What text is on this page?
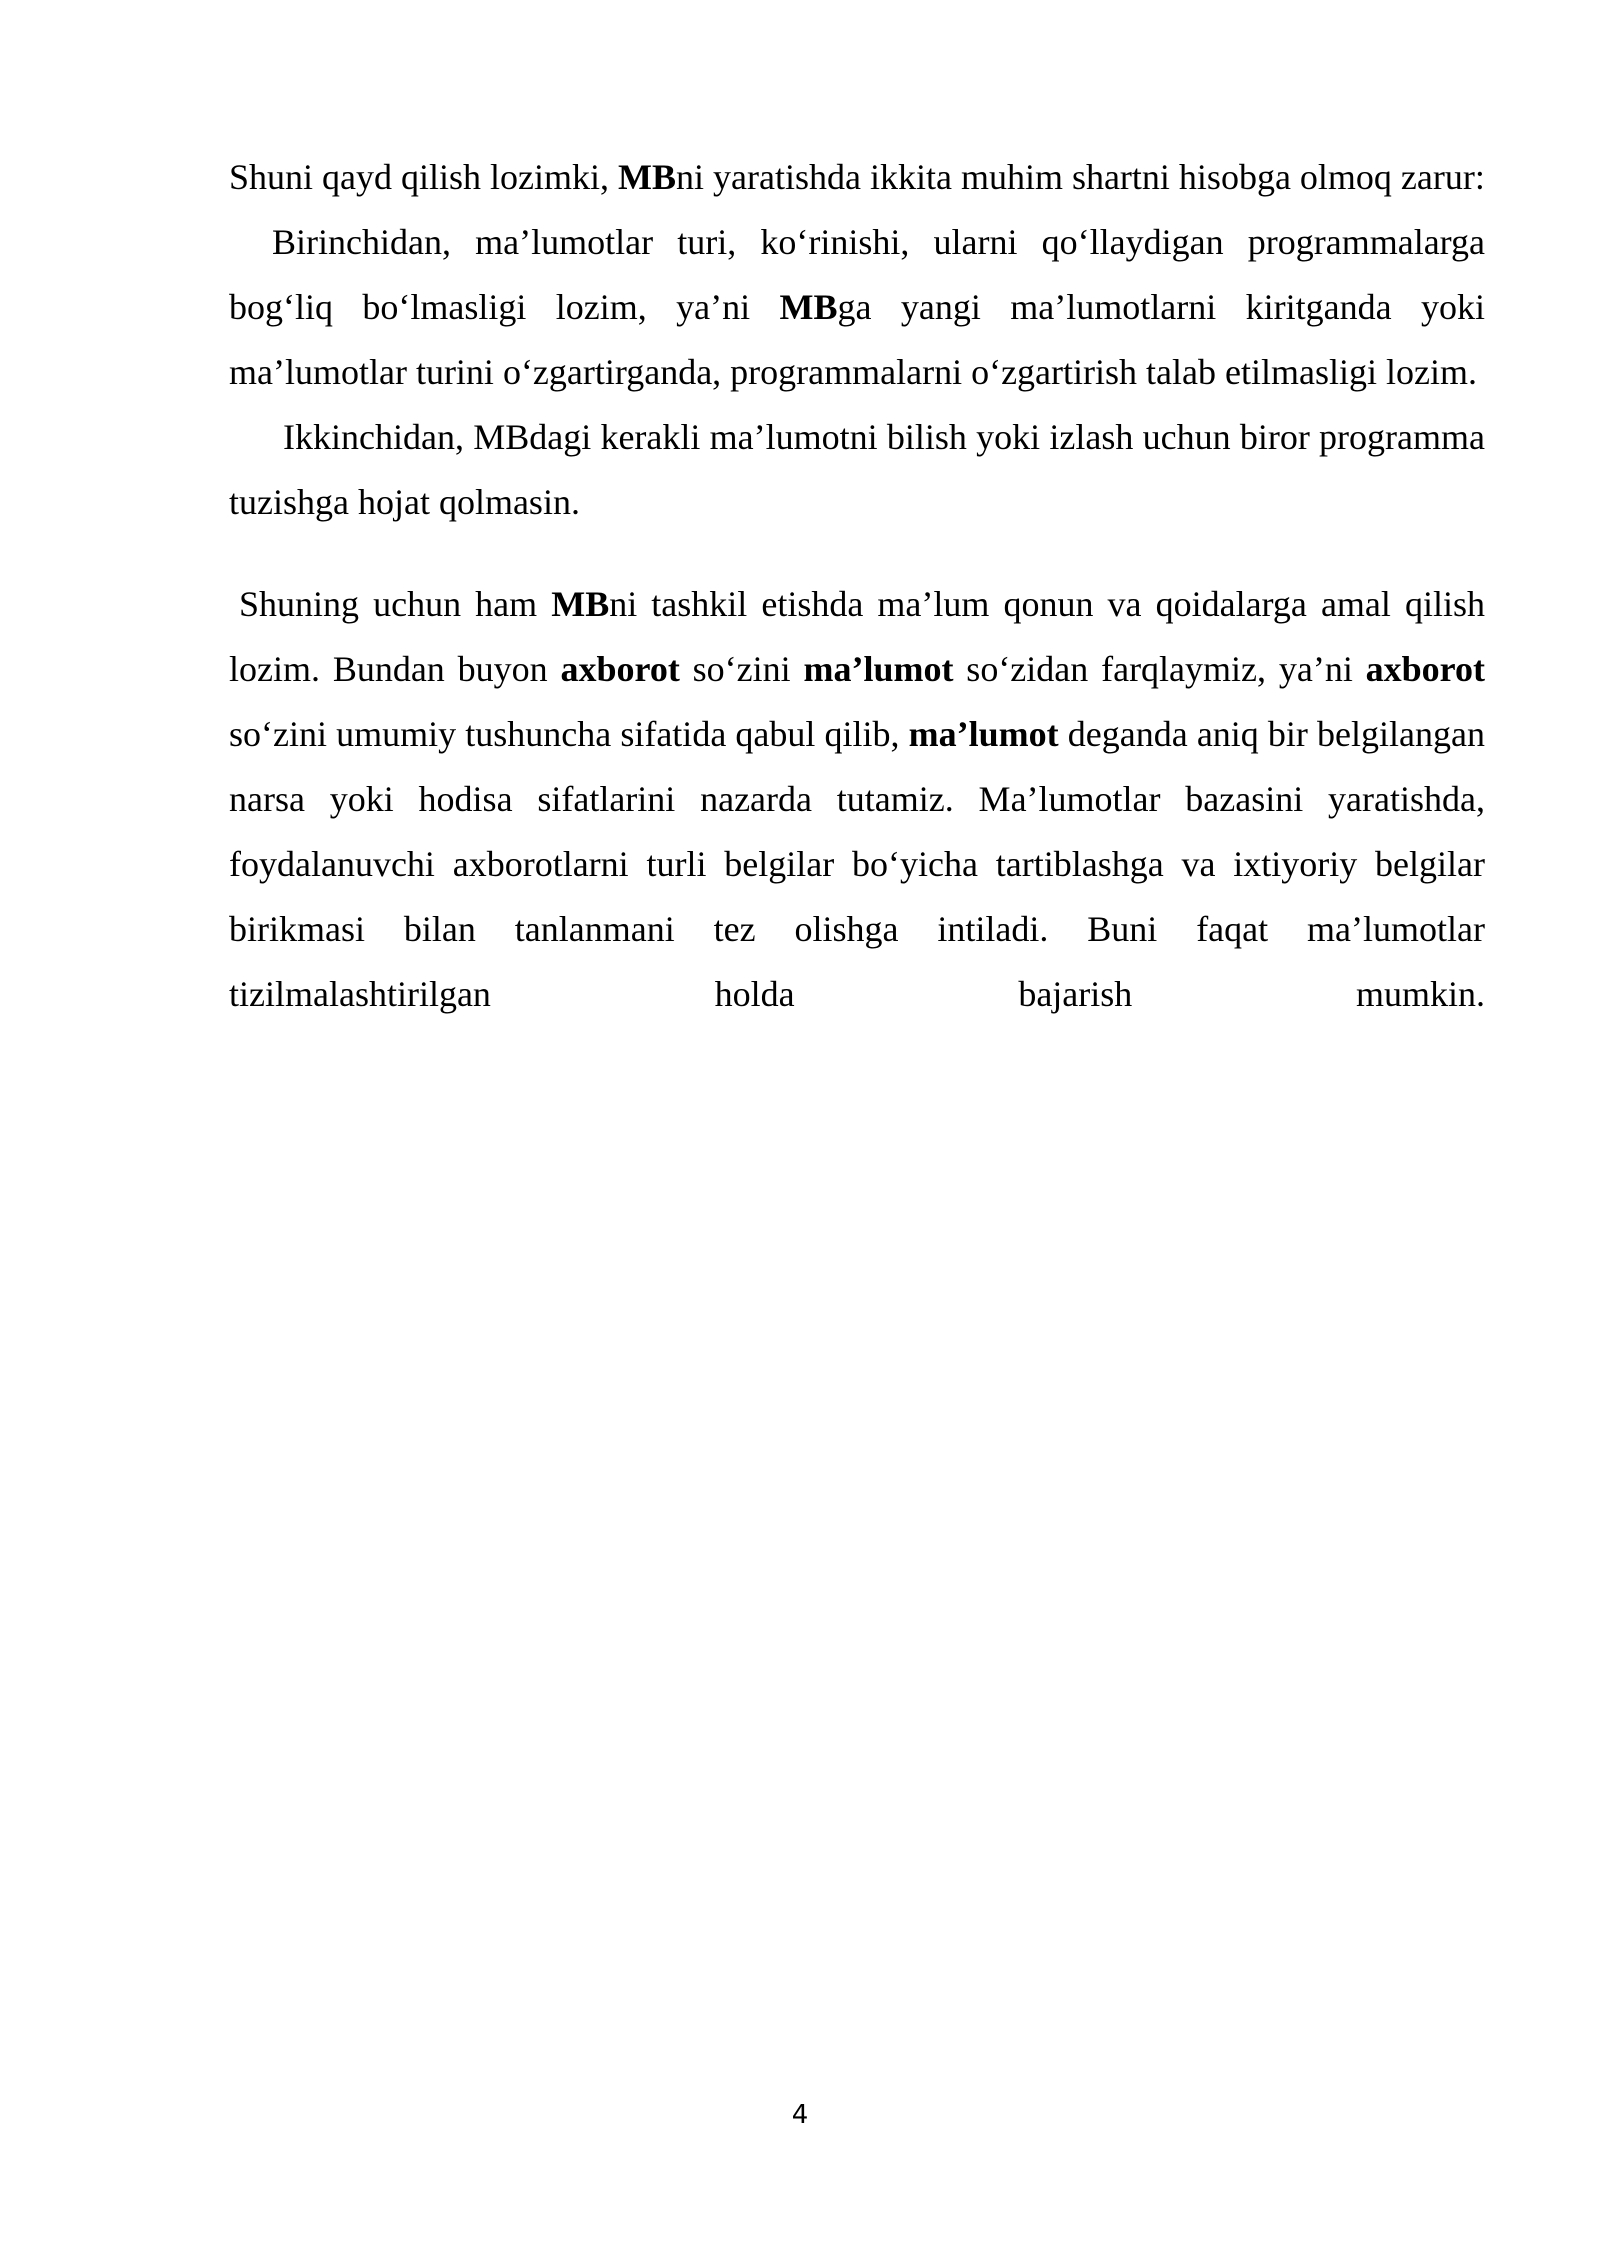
Shuni qayd qilish lozimki, MBni yaratishda ikkita muhim shartni hisobga olmoq zarur:

Birinchidan, ma’lumotlar turi, ko‘rinishi, ularni qo‘llaydigan programmalarga bog‘liq bo‘lmasligi lozim, ya’ni MBga yangi ma’lumotlarni kiritganda yoki ma’lumotlar turini o‘zgartirganda, programmalarni o‘zgartirish talab etilmasligi lozim.

Ikkinchidan, MBdagi kerakli ma’lumotni bilish yoki izlash uchun biror programma tuzishga hojat qolmasin.

Shuning uchun ham MBni tashkil etishda ma’lum qonun va qoidalarga amal qilish lozim. Bundan buyon axborot so‘zini ma’lumot so‘zidan farqlaymiz, ya’ni axborot so‘zini umumiy tushuncha sifatida qabul qilib, ma’lumot deganda aniq bir belgilangan narsa yoki hodisa sifatlarini nazarda tutamiz. Ma’lumotlar bazasini yaratishda, foydalanuvchi axborotlarni turli belgilar bo‘yicha tartiblashga va ixtiyoriy belgilar birikmasi bilan tanlanmani tez olishga intiladi. Buni faqat ma’lumotlar tizilmalashtirilgan holda bajarish mumkin.

4
